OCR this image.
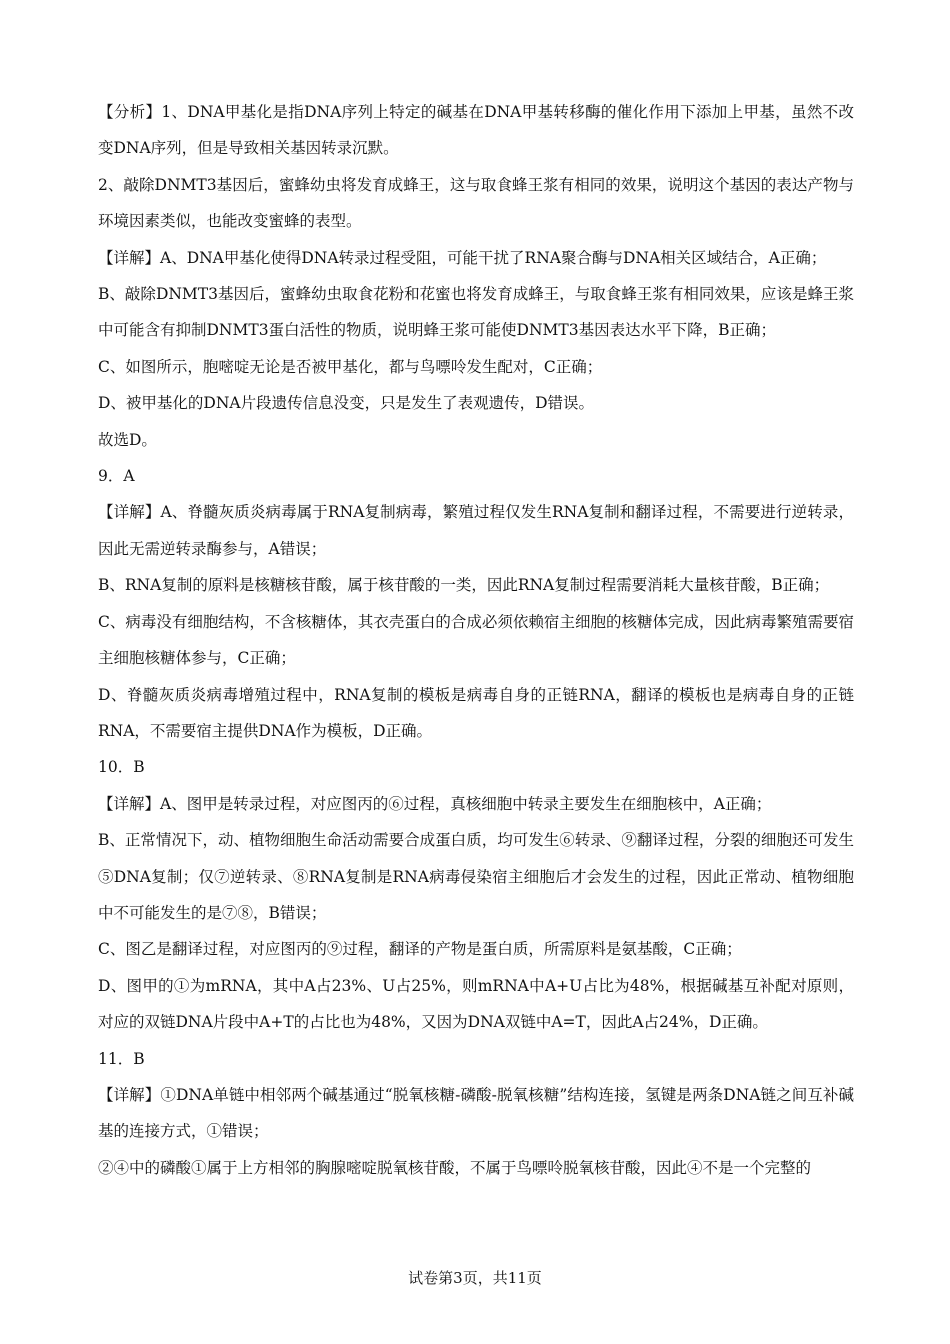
【分析】1、DNA甲基化是指DNA序列上特定的碱基在DNA甲基转移酶的催化作用下添加上甲基，虽然不改变DNA序列，但是导致相关基因转录沉默。

2、敲除DNMT3基因后，蜜蜂幼虫将发育成蜂王，这与取食蜂王浆有相同的效果，说明这个基因的表达产物与环境因素类似，也能改变蜜蜂的表型。

【详解】A、DNA甲基化使得DNA转录过程受阻，可能干扰了RNA聚合酶与DNA相关区域结合，A正确；

B、敲除DNMT3基因后，蜜蜂幼虫取食花粉和花蜜也将发育成蜂王，与取食蜂王浆有相同效果，应该是蜂王浆中可能含有抑制DNMT3蛋白活性的物质，说明蜂王浆可能使DNMT3基因表达水平下降，B正确；

C、如图所示，胞嘧啶无论是否被甲基化，都与鸟嘌呤发生配对，C正确；

D、被甲基化的DNA片段遗传信息没变，只是发生了表观遗传，D错误。

故选D。

9．A

【详解】A、脊髓灰质炎病毒属于RNA复制病毒，繁殖过程仅发生RNA复制和翻译过程，不需要进行逆转录，因此无需逆转录酶参与，A错误；

B、RNA复制的原料是核糖核苷酸，属于核苷酸的一类，因此RNA复制过程需要消耗大量核苷酸，B正确；

C、病毒没有细胞结构，不含核糖体，其衣壳蛋白的合成必须依赖宿主细胞的核糖体完成，因此病毒繁殖需要宿主细胞核糖体参与，C正确；

D、脊髓灰质炎病毒增殖过程中，RNA复制的模板是病毒自身的正链RNA，翻译的模板也是病毒自身的正链RNA，不需要宿主提供DNA作为模板，D正确。

10．B

【详解】A、图甲是转录过程，对应图丙的⑥过程，真核细胞中转录主要发生在细胞核中，A正确；

B、正常情况下，动、植物细胞生命活动需要合成蛋白质，均可发生⑥转录、⑨翻译过程，分裂的细胞还可发生⑤DNA复制；仅⑦逆转录、⑧RNA复制是RNA病毒侵染宿主细胞后才会发生的过程，因此正常动、植物细胞中不可能发生的是⑦⑧，B错误；

C、图乙是翻译过程，对应图丙的⑨过程，翻译的产物是蛋白质，所需原料是氨基酸，C正确；

D、图甲的①为mRNA，其中A占23%、U占25%，则mRNA中A+U占比为48%，根据碱基互补配对原则，对应的双链DNA片段中A+T的占比也为48%，又因为DNA双链中A=T，因此A占24%，D正确。

11．B

【详解】①DNA单链中相邻两个碱基通过“脱氧核糖-磷酸-脱氧核糖”结构连接，氢键是两条DNA链之间互补碱基的连接方式，①错误；

②④中的磷酸①属于上方相邻的胸腺嘧啶脱氧核苷酸，不属于鸟嘌呤脱氧核苷酸，因此④不是一个完整的

试卷第3页，共11页
